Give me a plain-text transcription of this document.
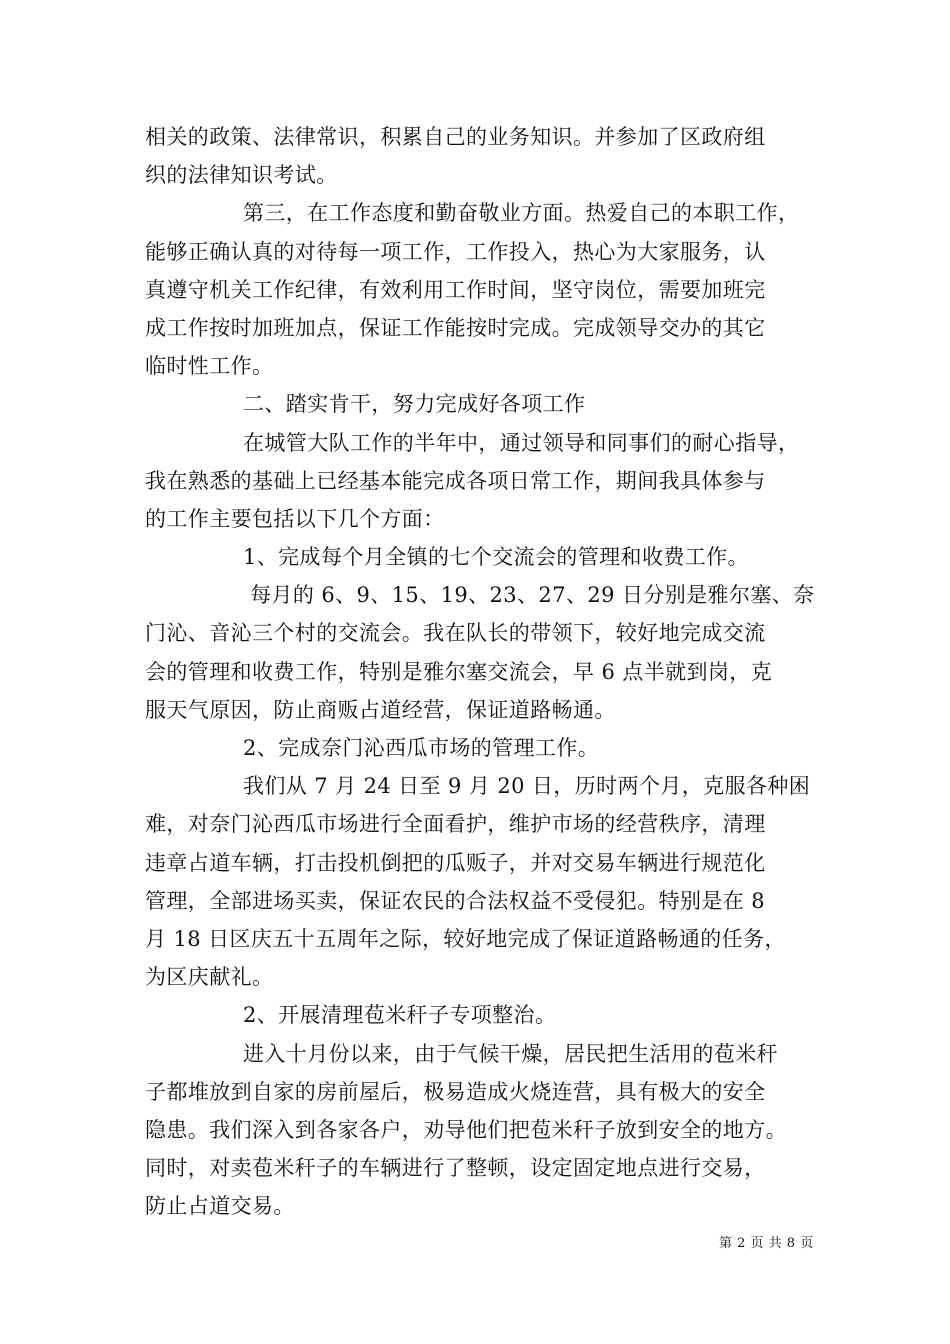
相关的政策、法律常识，积累自己的业务知识。并参加了区政府组
织的法律知识考试。
第三，在工作态度和勤奋敬业方面。热爱自己的本职工作，
能够正确认真的对待每一项工作，工作投入，热心为大家服务，认
真遵守机关工作纪律，有效利用工作时间，坚守岗位，需要加班完
成工作按时加班加点，保证工作能按时完成。完成领导交办的其它
临时性工作。
二、踏实肯干，努力完成好各项工作
在城管大队工作的半年中，通过领导和同事们的耐心指导，
我在熟悉的基础上已经基本能完成各项日常工作，期间我具体参与
的工作主要包括以下几个方面：
1、完成每个月全镇的七个交流会的管理和收费工作。
每月的 6、9、15、19、23、27、29 日分别是雅尔塞、奈
门沁、音沁三个村的交流会。我在队长的带领下，较好地完成交流
会的管理和收费工作，特别是雅尔塞交流会，早 6 点半就到岗，克
服天气原因，防止商贩占道经营，保证道路畅通。
2、完成奈门沁西瓜市场的管理工作。
我们从 7 月 24 日至 9 月 20 日，历时两个月，克服各种困
难，对奈门沁西瓜市场进行全面看护，维护市场的经营秩序，清理
违章占道车辆，打击投机倒把的瓜贩子，并对交易车辆进行规范化
管理，全部进场买卖，保证农民的合法权益不受侵犯。特别是在 8
月 18 日区庆五十五周年之际，较好地完成了保证道路畅通的任务，
为区庆献礼。
2、开展清理苞米秆子专项整治。
进入十月份以来，由于气候干燥，居民把生活用的苞米秆
子都堆放到自家的房前屋后，极易造成火烧连营，具有极大的安全
隐患。我们深入到各家各户，劝导他们把苞米秆子放到安全的地方。
同时，对卖苞米秆子的车辆进行了整顿，设定固定地点进行交易，
防止占道交易。
第 2 页 共 8 页
